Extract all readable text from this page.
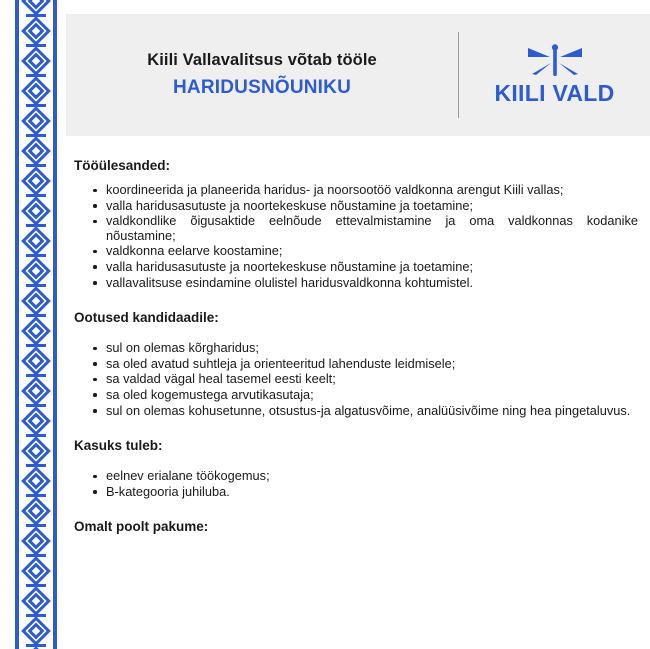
Kiili Vallavalitsus võtab tööle
HARIDUSNÕUNIKU	KIILI VALD
Tööülesanded:
koordineerida ja planeerida haridus- ja noorsootöö valdkonna arengut Kiili vallas;
valla haridusasutuste ja noortekeskuse nõustamine ja toetamine;
valdkondlike õigusaktide eelnõude ettevalmistamine ja oma valdkonnas kodanike nõustamine;
valdkonna eelarve koostamine;
valla haridusasutuste ja noortekeskuse nõustamine ja toetamine;
vallavalitsuse esindamine olulistel haridusvaldkonna kohtumistel.
Ootused kandidaadile:
sul on olemas kõrgharidus;
sa oled avatud suhtleja ja orienteeritud lahenduste leidmisele;
sa valdad vägal heal tasemel eesti keelt;
sa oled kogemustega arvutikasutaja;
sul on olemas kohusetunne, otsustus-ja algatusvõime, analüüsivõime ning hea pingetaluvus.
Kasuks tuleb:
eelnev erialane töökogemus;
B-kategooria juhiluba.
Omalt poolt pakume:
